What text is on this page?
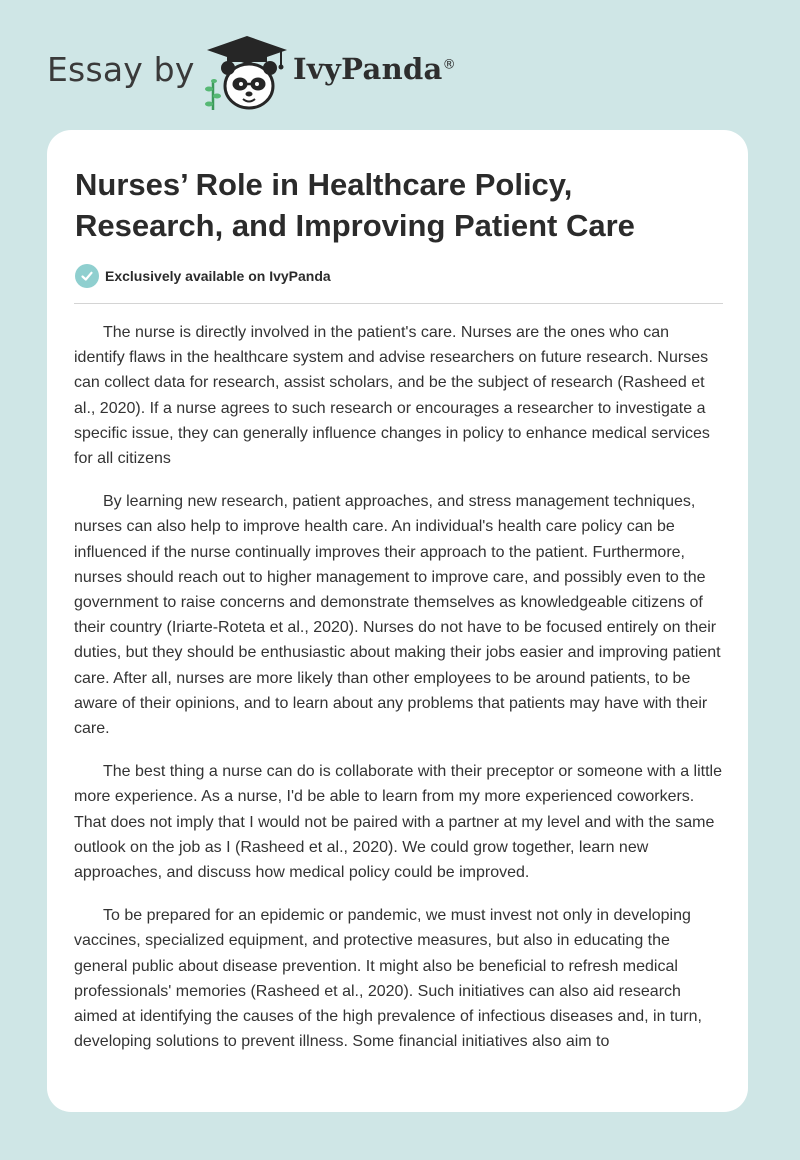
Essay by	IvyPanda®
Nurses’ Role in Healthcare Policy, Research, and Improving Patient Care
Exclusively available on IvyPanda

The nurse is directly involved in the patient's care. Nurses are the ones who can identify flaws in the healthcare system and advise researchers on future research. Nurses can collect data for research, assist scholars, and be the subject of research (Rasheed et al., 2020). If a nurse agrees to such research or encourages a researcher to investigate a specific issue, they can generally influence changes in policy to enhance medical services for all citizens

By learning new research, patient approaches, and stress management techniques, nurses can also help to improve health care. An individual's health care policy can be influenced if the nurse continually improves their approach to the patient. Furthermore, nurses should reach out to higher management to improve care, and possibly even to the government to raise concerns and demonstrate themselves as knowledgeable citizens of their country (Iriarte-Roteta et al., 2020). Nurses do not have to be focused entirely on their duties, but they should be enthusiastic about making their jobs easier and improving patient care. After all, nurses are more likely than other employees to be around patients, to be aware of their opinions, and to learn about any problems that patients may have with their care.

The best thing a nurse can do is collaborate with their preceptor or someone with a little more experience. As a nurse, I'd be able to learn from my more experienced coworkers. That does not imply that I would not be paired with a partner at my level and with the same outlook on the job as I (Rasheed et al., 2020). We could grow together, learn new approaches, and discuss how medical policy could be improved.

To be prepared for an epidemic or pandemic, we must invest not only in developing vaccines, specialized equipment, and protective measures, but also in educating the general public about disease prevention. It might also be beneficial to refresh medical professionals' memories (Rasheed et al., 2020). Such initiatives can also aid research aimed at identifying the causes of the high prevalence of infectious diseases and, in turn, developing solutions to prevent illness. Some financial initiatives also aim to
